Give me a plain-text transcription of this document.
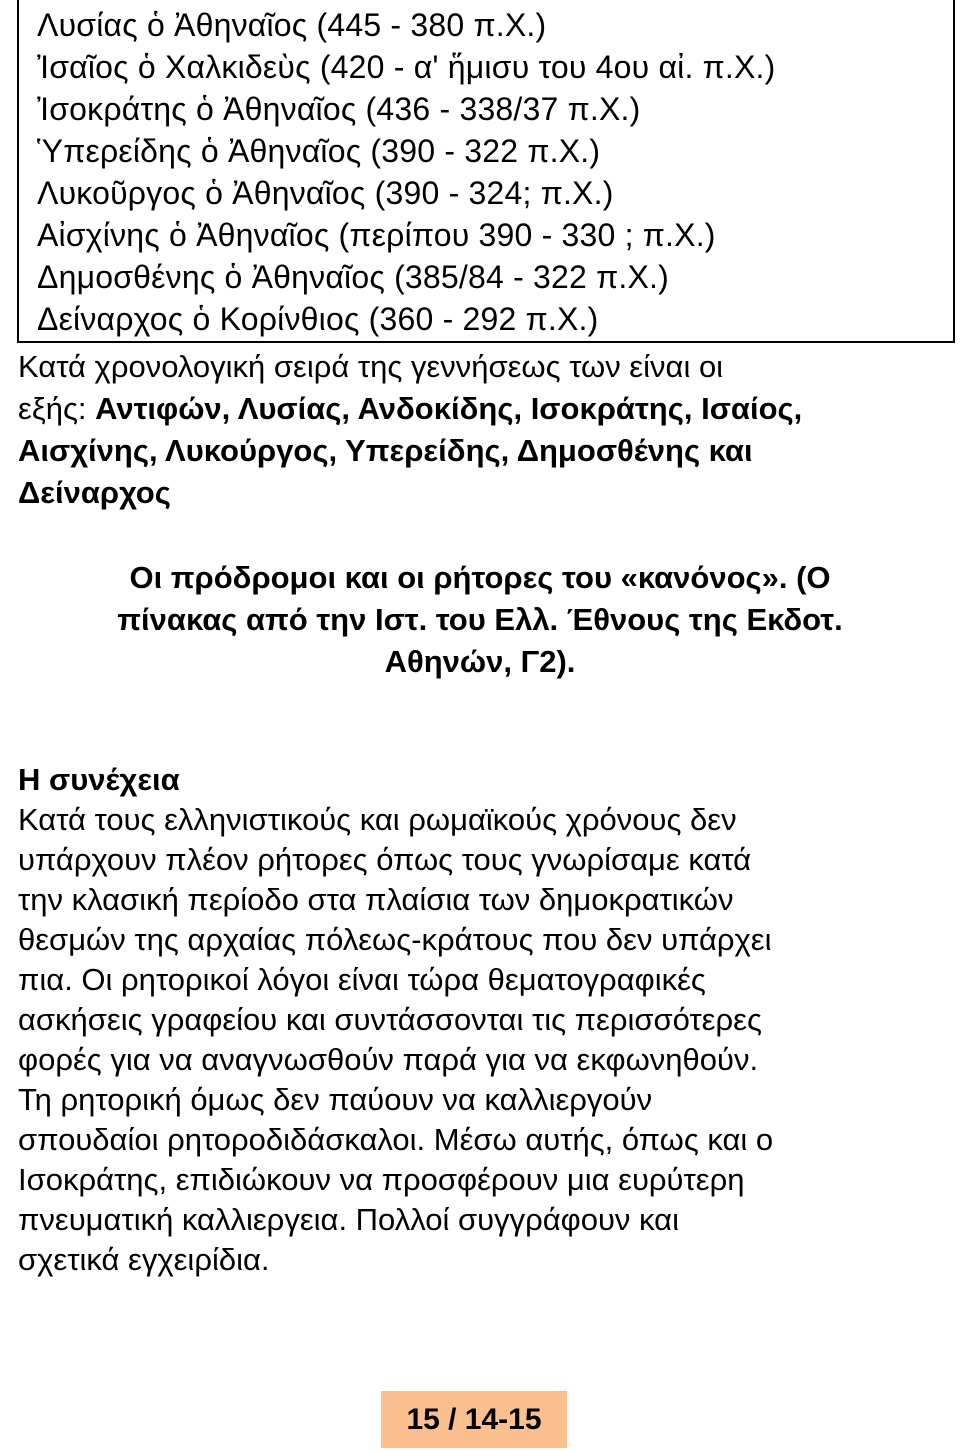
Λυσίας ὁ Ἀθηναῖος (445 - 380 π.Χ.)
Ἰσαῖος ὁ Χαλκιδεὺς (420 - α' ἥμισυ του 4ου αἰ. π.Χ.)
Ἰσοκράτης ὁ Ἀθηναῖος (436 - 338/37 π.Χ.)
Ὑπερείδης ὁ Ἀθηναῖος (390 - 322 π.Χ.)
Λυκοῦργος ὁ Ἀθηναῖος (390 - 324; π.Χ.)
Αἰσχίνης ὁ Ἀθηναῖος (περίπου 390 - 330 ; π.Χ.)
Δημοσθένης ὁ Ἀθηναῖος (385/84 - 322 π.Χ.)
Δείναρχος ὁ Κορίνθιος (360 - 292 π.Χ.)
Κατά χρονολογική σειρά της γεννήσεως των είναι οι
εξής: Αντιφών, Λυσίας, Ανδοκίδης, Ισοκράτης, Ισαίος,
Αισχίνης, Λυκούργος, Υπερείδης, Δημοσθένης και
Δείναρχος
Οι πρόδρομοι και οι ρήτορες του «κανόνος». (Ο
πίνακας από την Ιστ. του Ελλ. Έθνους της Εκδοτ.
Αθηνών, Γ2).
Η συνέχεια
Κατά τους ελληνιστικούς και ρωμαϊκούς χρόνους δεν
υπάρχουν πλέον ρήτορες όπως τους γνωρίσαμε κατά
την κλασική περίοδο στα πλαίσια των δημοκρατικών
θεσμών της αρχαίας πόλεως-κράτους που δεν υπάρχει
πια. Οι ρητορικοί λόγοι είναι τώρα θεματογραφικές
ασκήσεις γραφείου και συντάσσονται τις περισσότερες
φορές για να αναγνωσθούν παρά για να εκφωνηθούν.
Τη ρητορική όμως δεν παύουν να καλλιεργούν
σπουδαίοι ρητοροδιδάσκαλοι. Μέσω αυτής, όπως και ο
Ισοκράτης, επιδιώκουν να προσφέρουν μια ευρύτερη
πνευματική καλλιεργεια. Πολλοί συγγράφουν και
σχετικά εγχειρίδια.
15 / 14-15
